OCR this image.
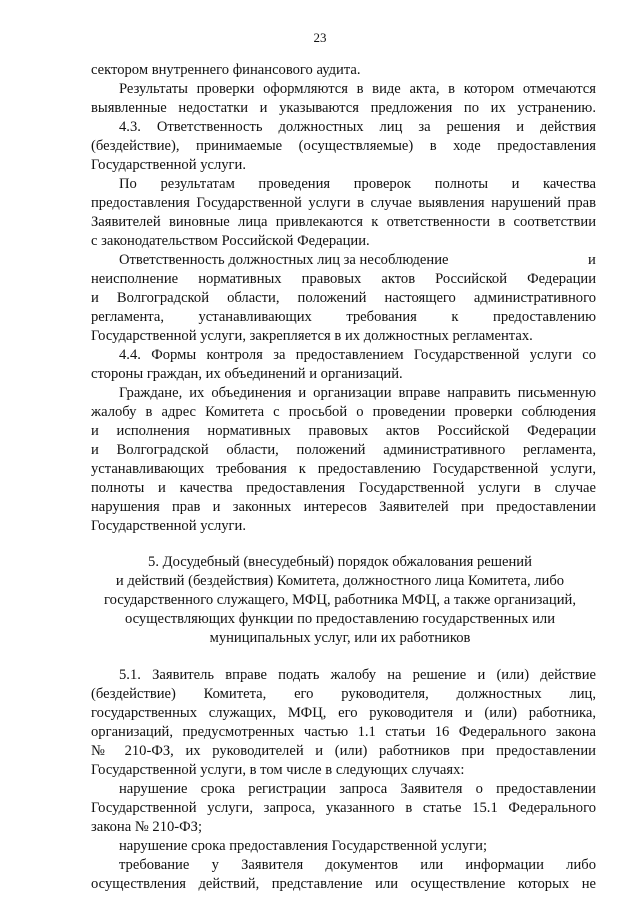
23
сектором внутреннего финансового аудита.
Результаты проверки оформляются в виде акта, в котором отмечаются
выявленные недостатки и указываются предложения по их устранению.
4.3. Ответственность должностных лиц за решения и действия
(бездействие), принимаемые (осуществляемые) в ходе предоставления
Государственной услуги.
По результатам проведения проверок полноты и качества
предоставления Государственной услуги в случае выявления нарушений прав
Заявителей виновные лица привлекаются к ответственности в соответствии
с законодательством Российской Федерации.
Ответственность должностных лиц за несоблюдение	и
неисполнение нормативных правовых актов Российской Федерации
и Волгоградской области, положений настоящего административного
регламента, устанавливающих требования к предоставлению
Государственной услуги, закрепляется в их должностных регламентах.
4.4. Формы контроля за предоставлением Государственной услуги со
стороны граждан, их объединений и организаций.
Граждане, их объединения и организации вправе направить письменную
жалобу в адрес Комитета с просьбой о проведении проверки соблюдения
и исполнения нормативных правовых актов Российской Федерации
и Волгоградской области, положений административного регламента,
устанавливающих требования к предоставлению Государственной услуги,
полноты и качества предоставления Государственной услуги в случае
нарушения прав и законных интересов Заявителей при предоставлении
Государственной услуги.
5. Досудебный (внесудебный) порядок обжалования решений
и действий (бездействия) Комитета, должностного лица Комитета, либо
государственного служащего, МФЦ, работника МФЦ, а также организаций,
осуществляющих функции по предоставлению государственных или
муниципальных услуг, или их работников
5.1. Заявитель вправе подать жалобу на решение и (или) действие
(бездействие) Комитета, его руководителя, должностных лиц,
государственных служащих, МФЦ, его руководителя и (или) работника,
организаций, предусмотренных частью 1.1 статьи 16 Федерального закона
№ 210-ФЗ, их руководителей и (или) работников при предоставлении
Государственной услуги, в том числе в следующих случаях:
нарушение срока регистрации запроса Заявителя о предоставлении
Государственной услуги, запроса, указанного в статье 15.1 Федерального
закона № 210-ФЗ;
нарушение срока предоставления Государственной услуги;
требование у Заявителя документов или информации либо
осуществления действий, представление или осуществление которых не
